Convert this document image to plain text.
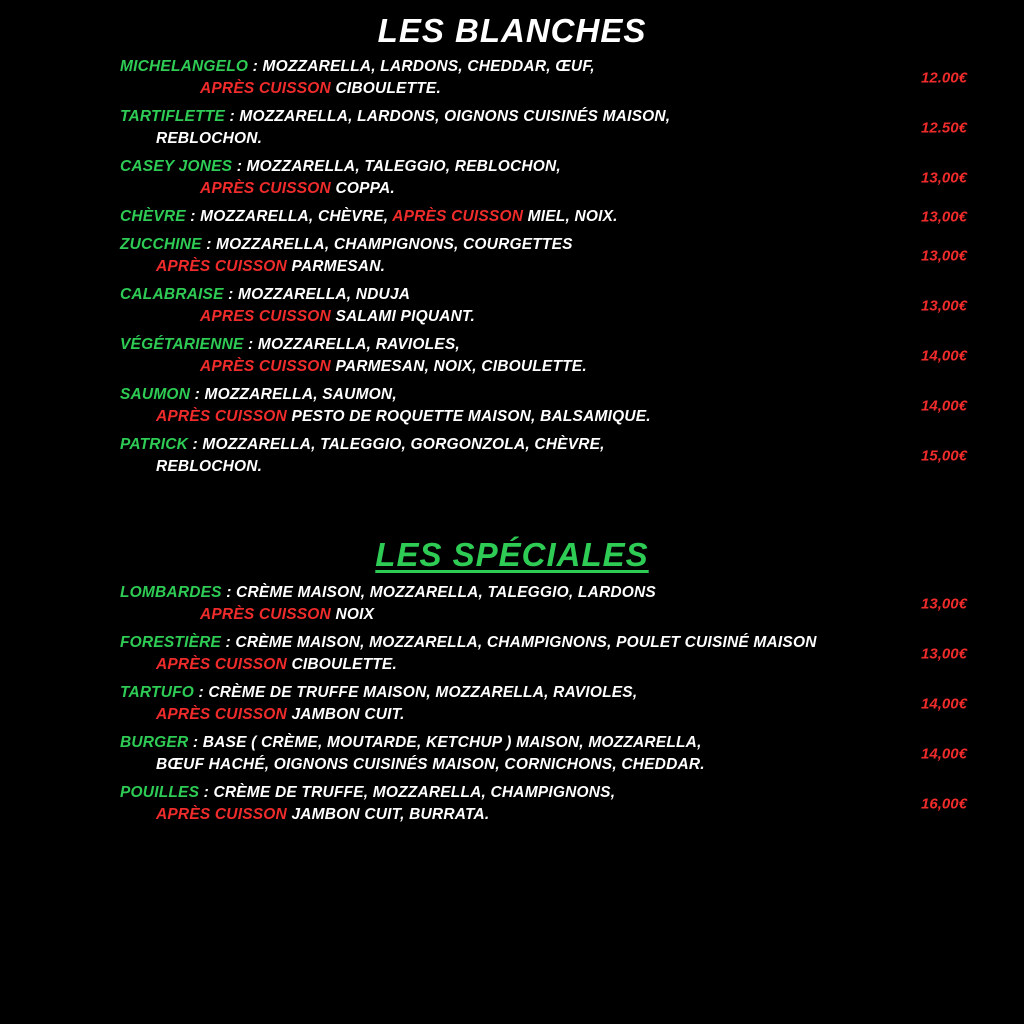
LES BLANCHES
MICHELANGELO : MOZZARELLA, LARDONS, CHEDDAR, ŒUF,
APRÈS CUISSON CIBOULETTE.
12.00€
TARTIFLETTE : MOZZARELLA, LARDONS, OIGNONS CUISINÉS MAISON,
REBLOCHON.
12.50€
CASEY JONES : MOZZARELLA, TALEGGIO, REBLOCHON,
APRÈS CUISSON COPPA.
13,00€
CHÈVRE : MOZZARELLA, CHÈVRE, APRÈS CUISSON MIEL, NOIX.	13,00€
ZUCCHINE : MOZZARELLA, CHAMPIGNONS, COURGETTES
APRÈS CUISSON PARMESAN.
13,00€
CALABRAISE : MOZZARELLA, NDUJA
APRES CUISSON SALAMI PIQUANT.
13,00€
VÉGÉTARIENNE : MOZZARELLA, RAVIOLES,
APRÈS CUISSON PARMESAN, NOIX, CIBOULETTE.
14,00€
SAUMON : MOZZARELLA, SAUMON,
APRÈS CUISSON PESTO DE ROQUETTE MAISON, BALSAMIQUE.
14,00€
PATRICK : MOZZARELLA, TALEGGIO, GORGONZOLA, CHÈVRE,
REBLOCHON.
15,00€
LES SPÉCIALES
LOMBARDES : CRÈME MAISON, MOZZARELLA, TALEGGIO, LARDONS
APRÈS CUISSON NOIX
13,00€
FORESTIÈRE : CRÈME MAISON, MOZZARELLA, CHAMPIGNONS, POULET CUISINÉ MAISON
APRÈS CUISSON CIBOULETTE.
13,00€
TARTUFO : CRÈME DE TRUFFE MAISON, MOZZARELLA, RAVIOLES,
APRÈS CUISSON JAMBON CUIT.
14,00€
BURGER : BASE ( CRÈME, MOUTARDE, KETCHUP ) MAISON, MOZZARELLA,
BŒUF HACHÉ, OIGNONS CUISINÉS MAISON, CORNICHONS, CHEDDAR.
14,00€
POUILLES : CRÈME DE TRUFFE, MOZZARELLA, CHAMPIGNONS,
APRÈS CUISSON JAMBON CUIT, BURRATA.
16,00€
